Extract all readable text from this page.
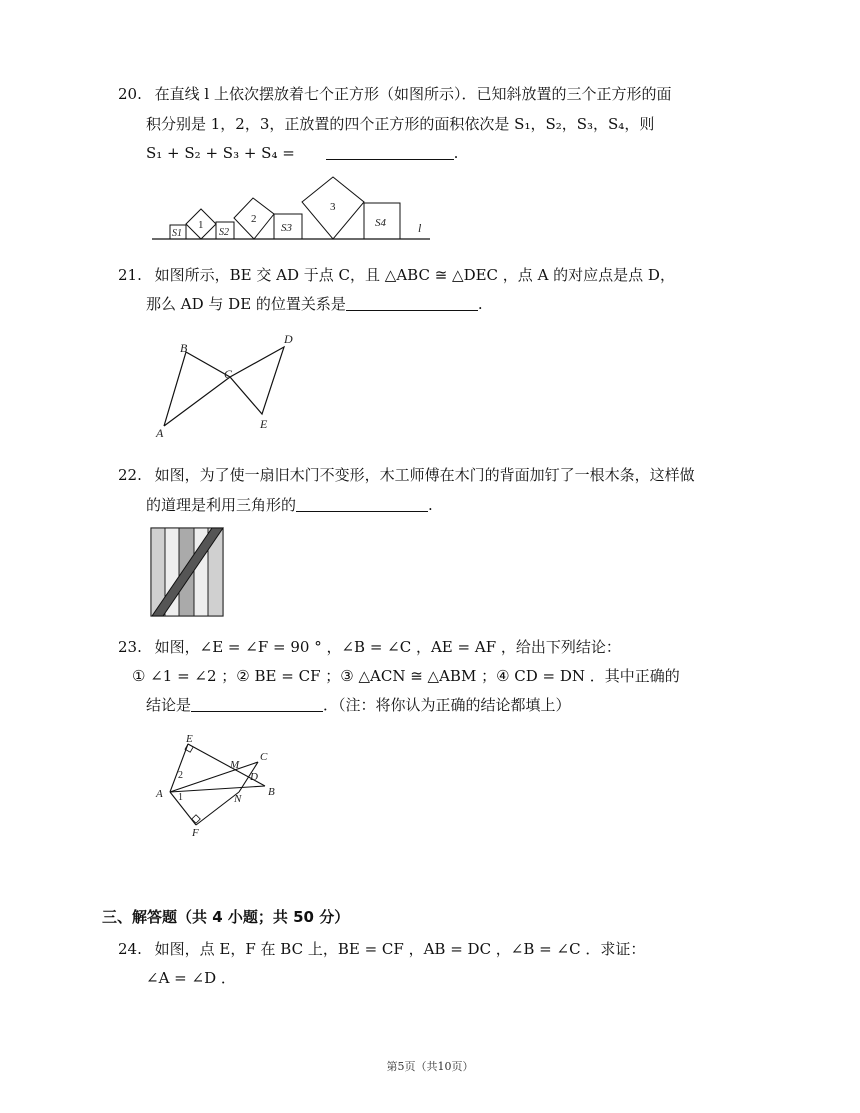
20. 在直线 l 上依次摆放着七个正方形（如图所示）．已知斜放置的三个正方形的面
积分别是 1，2，3，正放置的四个正方形的面积依次是 S₁，S₂，S₃，S₄，则
S₁ + S₂ + S₃ + S₄ =	.
S1
1
S2
2
S3
3
S4	l
21. 如图所示，BE 交 AD 于点 C，且 △ABC ≅ △DEC ，点 A 的对应点是点 D，
那么 AD 与 DE 的位置关系是	.
B
D
C
A
E
22. 如图，为了使一扇旧木门不变形，木工师傅在木门的背面加钉了一根木条，这样做
的道理是利用三角形的	.
23. 如图，∠E = ∠F = 90 ° ，∠B = ∠C ，AE = AF ，给出下列结论：
① ∠1 = ∠2 ；② BE = CF ；③ △ACN ≅ △ABM ；④ CD = DN ．其中正确的
结论是	．（注：将你认为正确的结论都填上）
E
C
M
2	D
A 1	N
B
F
三、解答题（共 4 小题；共 50 分）
24. 如图，点 E，F 在 BC 上，BE = CF ，AB = DC ，∠B = ∠C ．求证：
∠A = ∠D ．
第5页（共10页）
